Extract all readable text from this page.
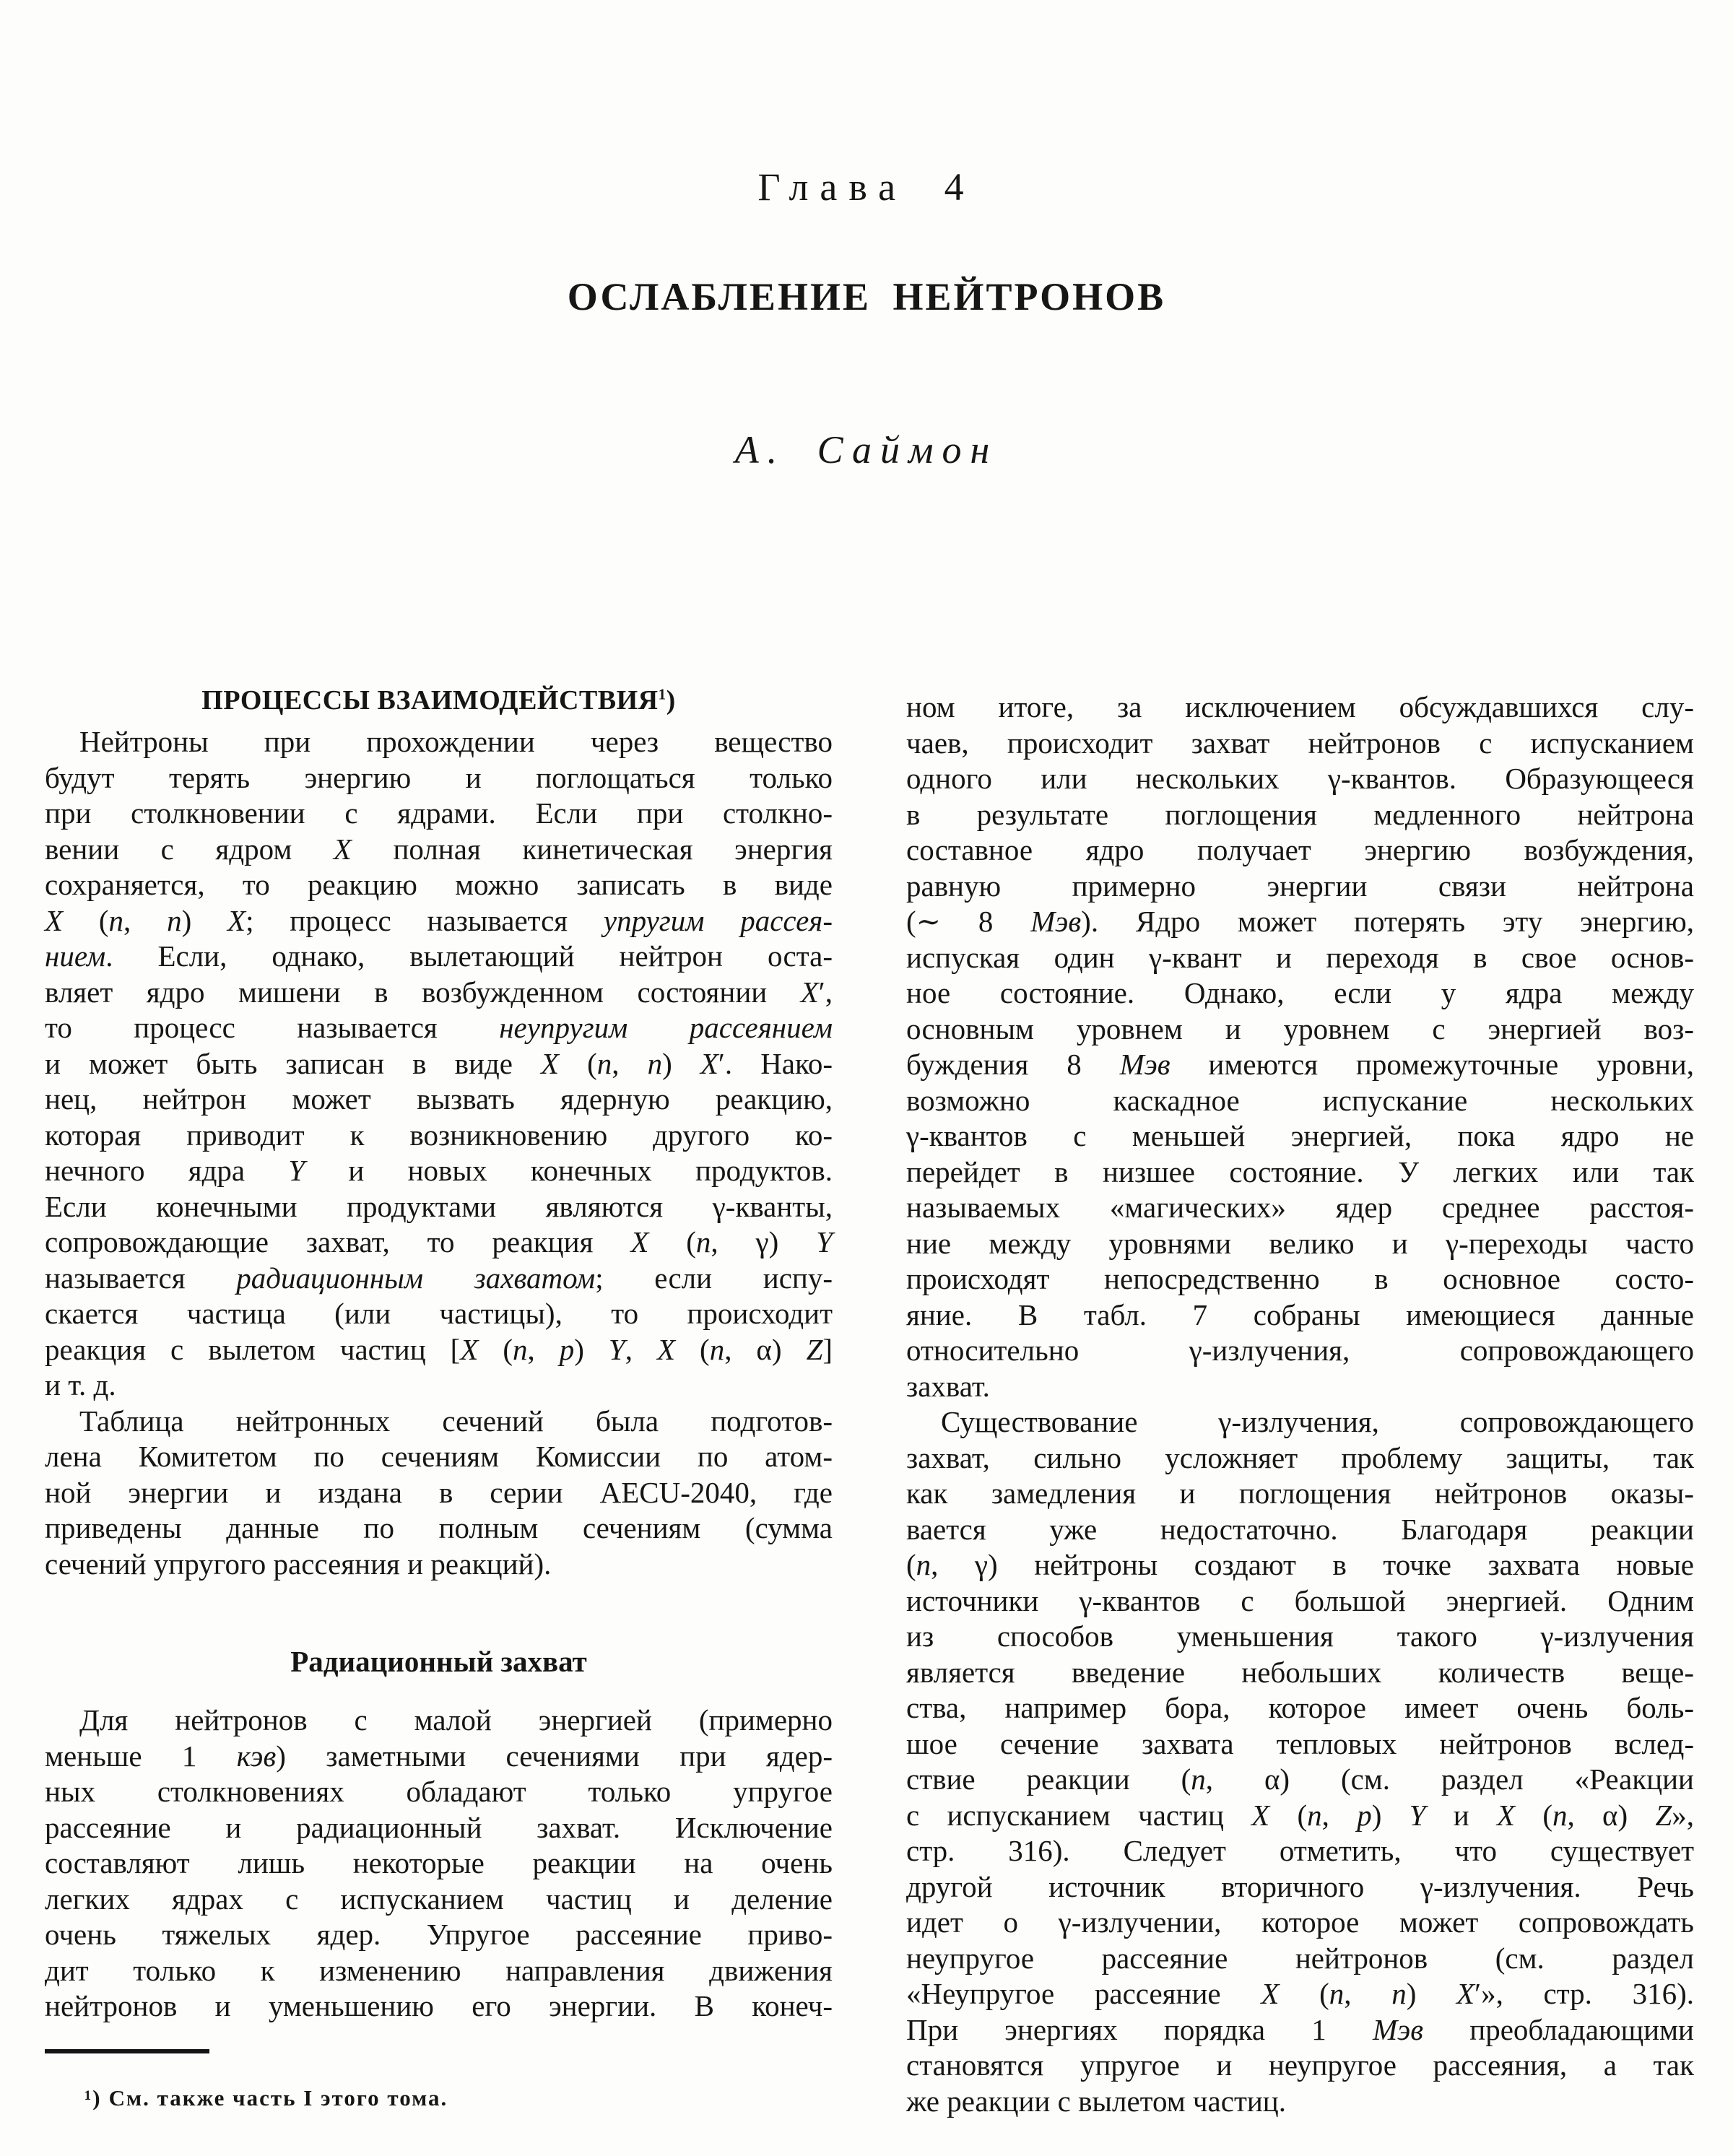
Глава 4
ОСЛАБЛЕНИЕ НЕЙТРОНОВ
А. Саймон
ПРОЦЕССЫ ВЗАИМОДЕЙСТВИЯ$^1$)
Нейтроны при прохождении через вещество
будут терять энергию и поглощаться только
при столкновении с ядрами. Если при столкно-
вении с ядром X полная кинетическая энергия
сохраняется, то реакцию можно записать в виде
X (n, n) X; процесс называется упругим рассея-
нием. Если, однако, вылетающий нейтрон оста-
вляет ядро мишени в возбужденном состоянии X′,
то процесс называется неупругим рассеянием
и может быть записан в виде X (n, n) X′. Нако-
нец, нейтрон может вызвать ядерную реакцию,
которая приводит к возникновению другого ко-
нечного ядра Y и новых конечных продуктов.
Если конечными продуктами являются γ-кванты,
сопровождающие захват, то реакция X (n, γ) Y
называется радиационным захватом; если испу-
скается частица (или частицы), то происходит
реакция с вылетом частиц [X (n, p) Y, X (n, α) Z]
и т. д.
Таблица нейтронных сечений была подготов-
лена Комитетом по сечениям Комиссии по атом-
ной энергии и издана в серии AECU-2040, где
приведены данные по полным сечениям (сумма
сечений упругого рассеяния и реакций).
Радиационный захват
Для нейтронов с малой энергией (примерно
меньше 1 кэв) заметными сечениями при ядер-
ных столкновениях обладают только упругое
рассеяние и радиационный захват. Исключение
составляют лишь некоторые реакции на очень
легких ядрах с испусканием частиц и деление
очень тяжелых ядер. Упругое рассеяние приво-
дит только к изменению направления движения
нейтронов и уменьшению его энергии. В конеч-
ном итоге, за исключением обсуждавшихся слу-
чаев, происходит захват нейтронов с испусканием
одного или нескольких γ-квантов. Образующееся
в результате поглощения медленного нейтрона
составное ядро получает энергию возбуждения,
равную примерно энергии связи нейтрона
(∼ 8 Мэв). Ядро может потерять эту энергию,
испуская один γ-квант и переходя в свое основ-
ное состояние. Однако, если у ядра между
основным уровнем и уровнем с энергией воз-
буждения 8 Мэв имеются промежуточные уровни,
возможно каскадное испускание нескольких
γ-квантов с меньшей энергией, пока ядро не
перейдет в низшее состояние. У легких или так
называемых «магических» ядер среднее расстоя-
ние между уровнями велико и γ-переходы часто
происходят непосредственно в основное состо-
яние. В табл. 7 собраны имеющиеся данные
относительно γ-излучения, сопровождающего
захват.
Существование γ-излучения, сопровождающего
захват, сильно усложняет проблему защиты, так
как замедления и поглощения нейтронов оказы-
вается уже недостаточно. Благодаря реакции
(n, γ) нейтроны создают в точке захвата новые
источники γ-квантов с большой энергией. Одним
из способов уменьшения такого γ-излучения
является введение небольших количеств веще-
ства, например бора, которое имеет очень боль-
шое сечение захвата тепловых нейтронов вслед-
ствие реакции (n, α) (см. раздел «Реакции
с испусканием частиц X (n, p) Y и X (n, α) Z»,
стр. 316). Следует отметить, что существует
другой источник вторичного γ-излучения. Речь
идет о γ-излучении, которое может сопровождать
неупругое рассеяние нейтронов (см. раздел
«Неупругое рассеяние X (n, n) X′», стр. 316).
При энергиях порядка 1 Мэв преобладающими
становятся упругое и неупругое рассеяния, а так
же реакции с вылетом частиц.
¹) См. также часть I этого тома.
